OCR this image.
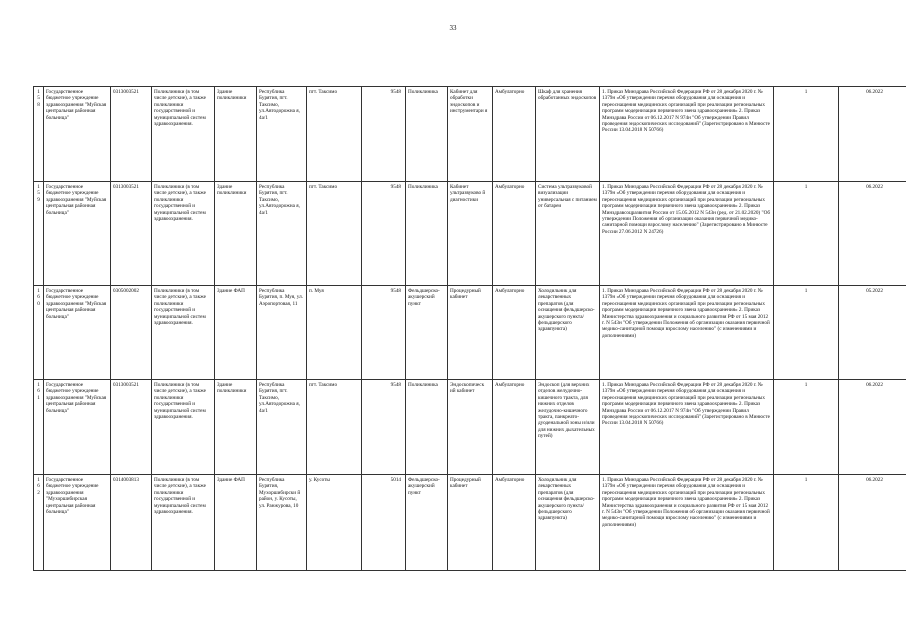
33
158	Государственное бюджетное учреждение здравоохранения "Муйская центральная районная больница"	0313003521	Поликлиники (в том числе детские), а также поликлиники государственной и муниципальной систем здравоохранения.	Здание поликлиники	Республика Бурятия, пгт. Таксимо, ул.Автодорожна я, 4а/1	пгт. Таксимо	9548	Поликлиника	Кабинет для обработки эндоскопов и инструментари я	Амбулаторно	Шкаф для хранения обработанных эндоскопов	1. Приказ Минздрава Российской Федерации РФ от 28 декабря 2020 г. № 1379н «Об утверждении перечня оборудования для оснащения и переоснащения медицинских организаций при реализации региональных программ модернизации первичного звена здравоохранения» 2. Приказ Минздрава России от 06.12.2017 N 974н "Об утверждении Правил проведения эндоскопических исследований" (Зарегистрировано в Минюсте России 13.04.2018 N 50766)	1	06.2022
159	Государственное бюджетное учреждение здравоохранения "Муйская центральная районная больница"	0313003521	Поликлиники (в том числе детские), а также поликлиники государственной и муниципальной систем здравоохранения.	Здание поликлиники	Республика Бурятия, пгт. Таксимо, ул.Автодорожна я, 4а/1	пгт. Таксимо	9548	Поликлиника	Кабинет ультразвуково й диагностики	Амбулаторно	Система ультразвуковой визуализации универсальная с питанием от батареи	1. Приказ Минздрава Российской Федерации РФ от 28 декабря 2020 г. № 1379н «Об утверждении перечня оборудования для оснащения и переоснащения медицинских организаций при реализации региональных программ модернизации первичного звена здравоохранения» 2. Приказ Минздравсоцразвития России от 15.05.2012 N 543н (ред. от 21.02.2020) "Об утверждении Положения об организации оказания первичной медико-санитарной помощи взрослому населению" (Зарегистрировано в Минюсте России 27.06.2012 N 24726)	1	06.2022
160	Государственное бюджетное учреждение здравоохранения "Муйская центральная районная больница"	0305002002	Поликлиники (в том числе детские), а также поликлиники государственной и муниципальной систем здравоохранения.	Здание ФАП	Республика Бурятия, п. Муя, ул. Аэропортовая, 11	п. Муя	9548	Фельдшерско-акушерский пункт	Процедурный кабинет	Амбулаторно	Холодильник для лекарственных препаратов (для оснащения фельдшерско-акушерского пункта/фельдшерского здравпункта)	1. Приказ Минздрава Российской Федерации РФ от 28 декабря 2020 г. № 1379н «Об утверждении перечня оборудования для оснащения и переоснащения медицинских организаций при реализации региональных программ модернизации первичного звена здравоохранения» 2. Приказ Министерства здравоохранения и социального развития РФ от 15 мая 2012 г. N 543н "Об утверждении Положения об организации оказания первичной медико-санитарной помощи взрослому населению" (с изменениями и дополнениями)	1	05.2022
161	Государственное бюджетное учреждение здравоохранения "Муйская центральная районная больница"	0313003521	Поликлиники (в том числе детские), а также поликлиники государственной и муниципальной систем здравоохранения.	Здание поликлиники	Республика Бурятия, пгт. Таксимо, ул.Автодорожна я, 4а/1	пгт. Таксимо	9548	Поликлиника	Эндоскопическ ий кабинет	Амбулаторно	Эндоскоп (для верхних отделов желудочно-кишечного тракта, для нижних отделов желудочно-кишечного тракта, панкреато-дуоденальной зоны и/или для нижних дыхательных путей)	1. Приказ Минздрава Российской Федерации РФ от 28 декабря 2020 г. № 1379н «Об утверждении перечня оборудования для оснащения и переоснащения медицинских организаций при реализации региональных программ модернизации первичного звена здравоохранения» 2. Приказ Минздрава России от 06.12.2017 N 974н "Об утверждении Правил проведения эндоскопических исследований" (Зарегистрировано в Минюсте России 13.04.2018 N 50766)	1	06.2022
162	Государственное бюджетное учреждение здравоохранения "Мухоршибирская центральная районная больница"	0314003813	Поликлиники (в том числе детские), а также поликлиники государственной и муниципальной систем здравоохранения.	Здание ФАП	Республика Бурятия, Мухоршибирски й район, у. Кусоты, ул. Ранжурова, 10	у. Кусоты	5014	Фельдшерско-акушерский пункт	Процедурный кабинет	Амбулаторно	Холодильник для лекарственных препаратов (для оснащения фельдшерско-акушерского пункта/фельдшерского здравпункта)	1. Приказ Минздрава Российской Федерации РФ от 28 декабря 2020 г. № 1379н «Об утверждении перечня оборудования для оснащения и переоснащения медицинских организаций при реализации региональных программ модернизации первичного звена здравоохранения» 2. Приказ Министерства здравоохранения и социального развития РФ от 15 мая 2012 г. N 543н "Об утверждении Положения об организации оказания первичной медико-санитарной помощи взрослому населению" (с изменениями и дополнениями)	1	06.2022
